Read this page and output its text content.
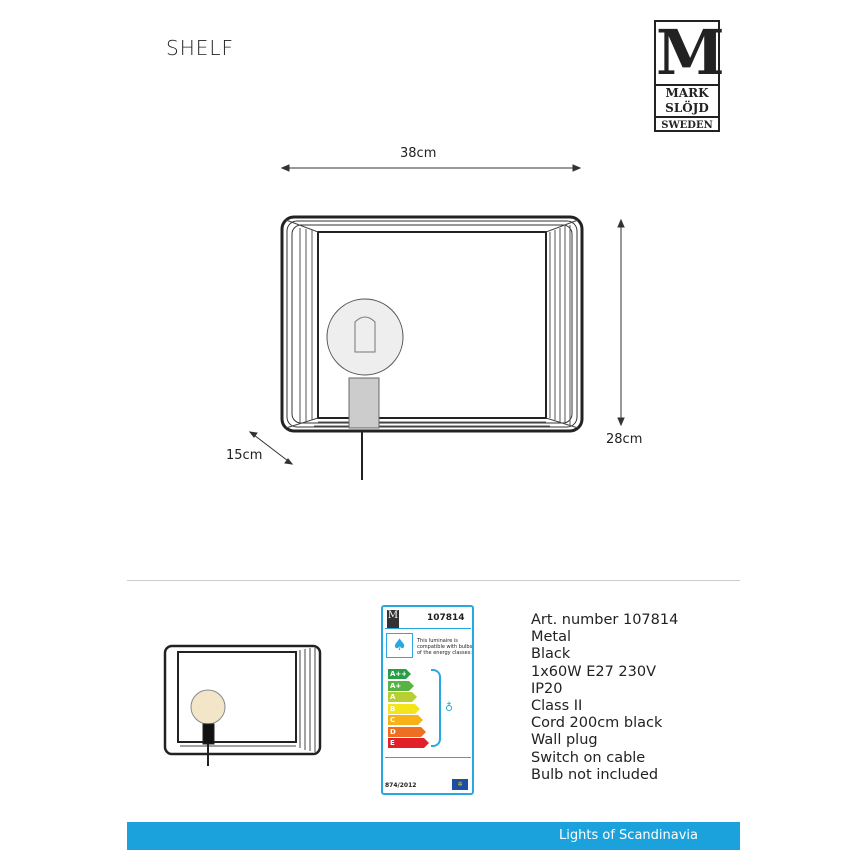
SHELF	M
MARK
SLÖJD
SWEDEN
38cm
28cm
15cm
M	107814
♠	This luminaire is compatible with bulbs of the energy classes:
A++
A+
A
B
C
D
E
♁
874/2012	✲
Art. number 107814
Metal
Black
1x60W E27 230V
IP20
Class II
Cord 200cm black
Wall plug
Switch on cable
Bulb not included
Lights of Scandinavia
